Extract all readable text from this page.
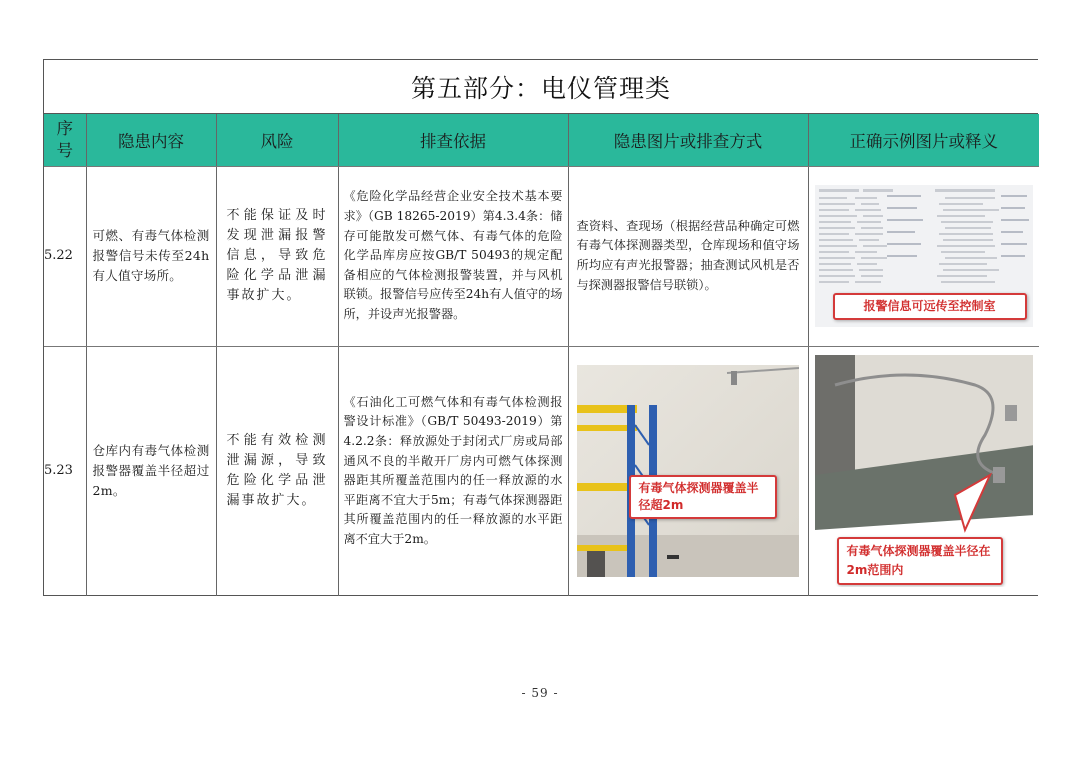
第五部分：电仪管理类
序号	隐患内容	风险	排查依据	隐患图片或排查方式	正确示例图片或释义
5.22	可燃、有毒气体检测报警信号未传至24h有人值守场所。	不能保证及时发现泄漏报警信息，导致危险化学品泄漏事故扩大。	《危险化学品经营企业安全技术基本要求》（GB 18265-2019）第4.3.4条：储存可能散发可燃气体、有毒气体的危险化学品库房应按GB/T 50493的规定配备相应的气体检测报警装置，并与风机联锁。报警信号应传至24h有人值守的场所，并设声光报警器。	查资料、查现场（根据经营品种确定可燃有毒气体探测器类型，仓库现场和值守场所均应有声光报警器；抽查测试风机是否与探测器报警信号联锁）。	报警信息可远传至控制室

5.23	仓库内有毒气体检测报警器覆盖半径超过2m。	不能有效检测泄漏源，导致危险化学品泄漏事故扩大。	《石油化工可燃气体和有毒气体检测报警设计标准》（GB/T 50493-2019）第4.2.2条：释放源处于封闭式厂房或局部通风不良的半敞开厂房内可燃气体探测器距其所覆盖范围内的任一释放源的水平距离不宜大于5m；有毒气体探测器距其所覆盖范围内的任一释放源的水平距离不宜大于2m。	有毒气体探测器覆盖半径超2m	有毒气体探测器覆盖半径在2m范围内
- 59 -
